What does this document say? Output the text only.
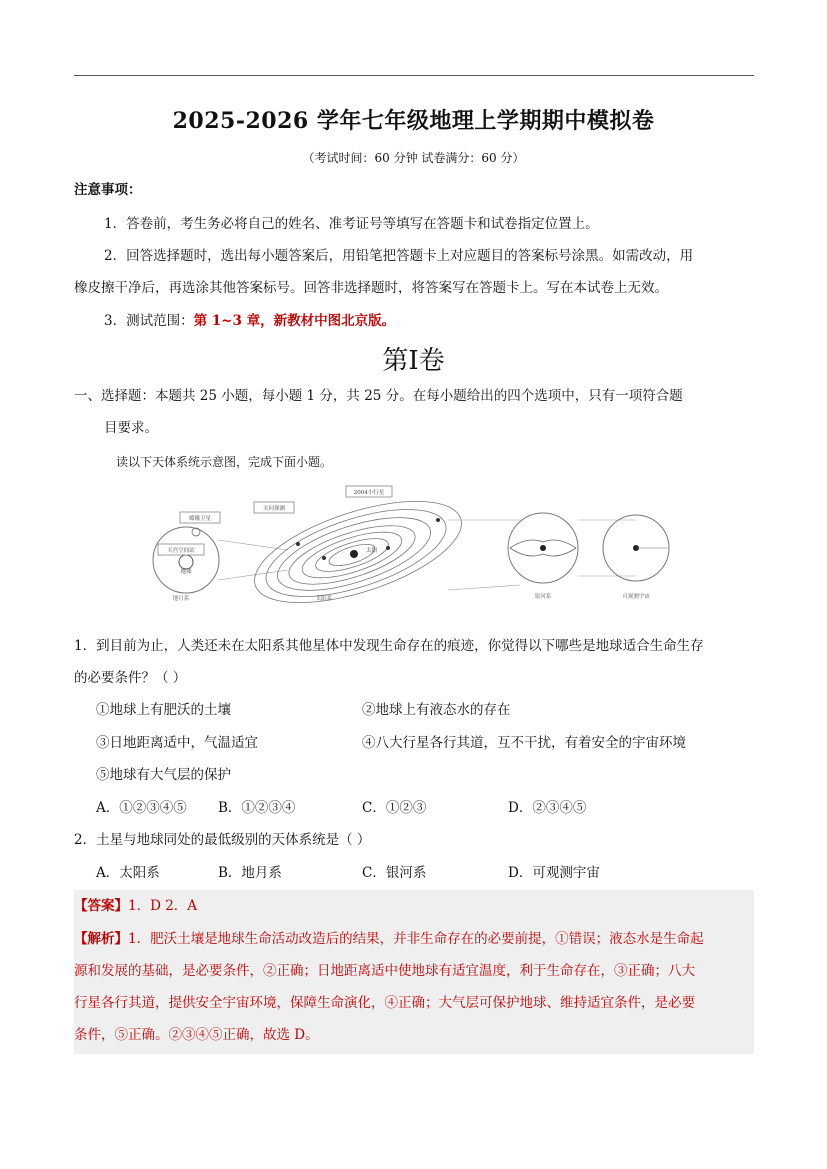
2025-2026 学年七年级地理上学期期中模拟卷
（考试时间：60 分钟 试卷满分：60 分）
注意事项：
1．答卷前，考生务必将自己的姓名、准考证号等填写在答题卡和试卷指定位置上。
2．回答选择题时，选出每小题答案后，用铅笔把答题卡上对应题目的答案标号涂黑。如需改动，用
橡皮擦干净后，再选涂其他答案标号。回答非选择题时，将答案写在答题卡上。写在本试卷上无效。
3．测试范围：第 1~3 章，新教材中图北京版。
第I卷
一、选择题：本题共 25 小题，每小题 1 分，共 25 分。在每小题给出的四个选项中，只有一项符合题
目要求。
读以下天体系统示意图，完成下面小题。
天宫空间站
嫦娥卫星
地球
地月系
太阳
天问探测
2004小行星
太阳系	银河系	可观测宇宙
1．到目前为止，人类还未在太阳系其他星体中发现生命存在的痕迹，你觉得以下哪些是地球适合生命生存
的必要条件？（ ）
①地球上有肥沃的土壤	②地球上有液态水的存在
③日地距离适中，气温适宜	④八大行星各行其道，互不干扰，有着安全的宇宙环境
⑤地球有大气层的保护
A．①②③④⑤ B．①②③④	C．①②③	D．②③④⑤
2．土星与地球同处的最低级别的天体系统是（ ）
A．太阳系	B．地月系	C．银河系	D．可观测宇宙
【答案】1．D 2．A
【解析】1．肥沃土壤是地球生命活动改造后的结果，并非生命存在的必要前提，①错误；液态水是生命起
源和发展的基础，是必要条件，②正确；日地距离适中使地球有适宜温度，利于生命存在，③正确；八大
行星各行其道，提供安全宇宙环境，保障生命演化，④正确；大气层可保护地球、维持适宜条件，是必要
条件，⑤正确。②③④⑤正确，故选 D。
